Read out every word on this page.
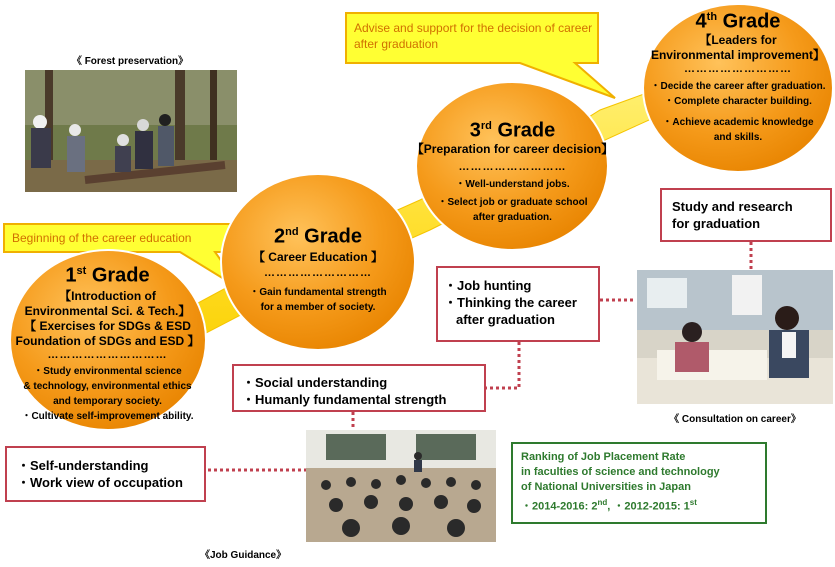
《 Forest preservation》
Advise and support for the decision of career after graduation
Beginning of the career education
4th Grade
【Leaders for
Environmental improvement】
………………………
・Decide the career after graduation.
・Complete character building.
・Achieve academic knowledge
and skills.
3rd Grade
【Preparation for career decision】
………………………
・Well-understand jobs.
・Select job or graduate school
after graduation.
2nd Grade
【 Career Education 】
………………………
・Gain fundamental strength
for a member of society.
1st Grade
【Introduction of
Environmental Sci. & Tech.】
【 Exercises for SDGs & ESD
Foundation of SDGs and ESD 】
…………………………
・Study environmental science
& technology, environmental ethics
and temporary society.
・Cultivate self-improvement ability.
Study and research
for graduation
・Job hunting
・Thinking the career
after graduation
・Social understanding
・Humanly fundamental strength
・Self-understanding
・Work view of occupation
《 Consultation on career》
《Job Guidance》
Ranking of Job Placement Rate
in faculties of science and technology
of National Universities in Japan
・2014-2016: 2nd, ・2012-2015: 1st
